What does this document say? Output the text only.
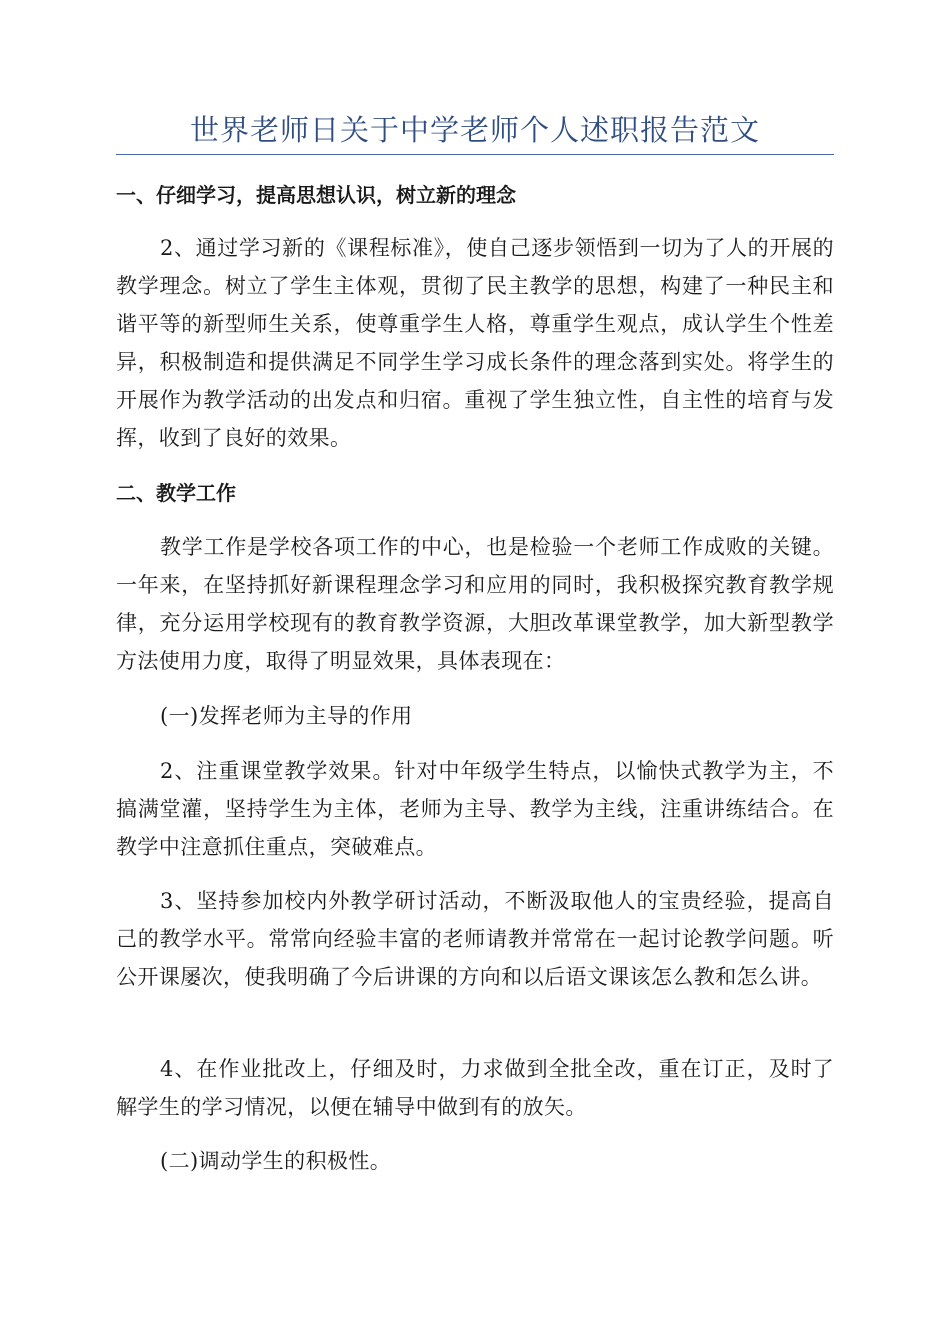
世界老师日关于中学老师个人述职报告范文
一、仔细学习，提高思想认识，树立新的理念
2、通过学习新的《课程标准》，使自己逐步领悟到一切为了人的开展的教学理念。树立了学生主体观，贯彻了民主教学的思想，构建了一种民主和谐平等的新型师生关系，使尊重学生人格，尊重学生观点，成认学生个性差异，积极制造和提供满足不同学生学习成长条件的理念落到实处。将学生的开展作为教学活动的出发点和归宿。重视了学生独立性，自主性的培育与发挥，收到了良好的效果。
二、教学工作
教学工作是学校各项工作的中心，也是检验一个老师工作成败的关键。一年来，在坚持抓好新课程理念学习和应用的同时，我积极探究教育教学规律，充分运用学校现有的教育教学资源，大胆改革课堂教学，加大新型教学方法使用力度，取得了明显效果，具体表现在：
(一)发挥老师为主导的作用
2、注重课堂教学效果。针对中年级学生特点，以愉快式教学为主，不搞满堂灌，坚持学生为主体，老师为主导、教学为主线，注重讲练结合。在教学中注意抓住重点，突破难点。
3、坚持参加校内外教学研讨活动，不断汲取他人的宝贵经验，提高自己的教学水平。常常向经验丰富的老师请教并常常在一起讨论教学问题。听公开课屡次，使我明确了今后讲课的方向和以后语文课该怎么教和怎么讲。
4、在作业批改上，仔细及时，力求做到全批全改，重在订正，及时了解学生的学习情况，以便在辅导中做到有的放矢。
(二)调动学生的积极性。
